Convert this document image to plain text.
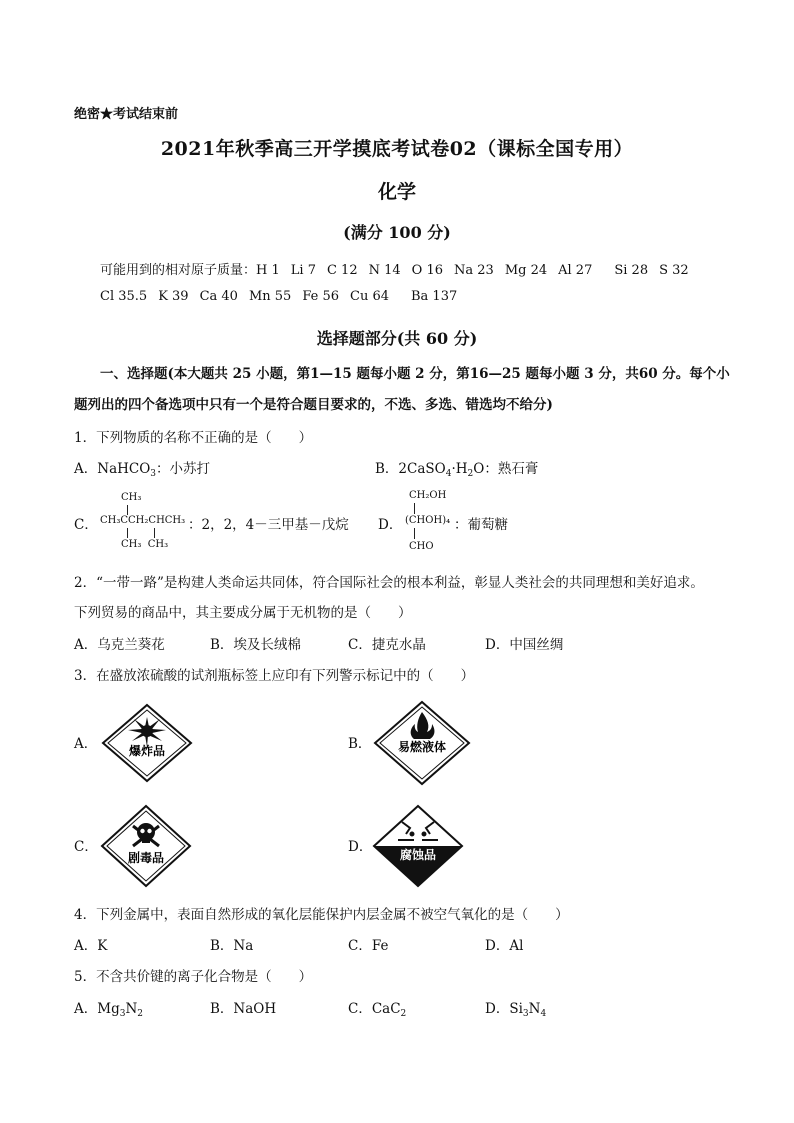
绝密★考试结束前
2021年秋季高三开学摸底考试卷02（课标全国专用）
化学
(满分 100 分)
可能用到的相对原子质量：H 1 Li 7 C 12 N 14 O 16 Na 23 Mg 24 Al 27 Si 28 S 32
Cl 35.5 K 39 Ca 40 Mn 55 Fe 56 Cu 64 Ba 137
选择题部分(共 60 分)
一、选择题(本大题共 25 小题，第1—15 题每小题 2 分，第16—25 题每小题 3 分，共60 分。每个小
题列出的四个备选项中只有一个是符合题目要求的，不选、多选、错选均不给分)
1．下列物质的名称不正确的是（　　）
A．NaHCO$_3$：小苏打	B．$2CaSO_4\cdot H_2O$：熟石膏
C．
CH₃
CH₃CCH₂CHCH₃
CH₃  CH₃
：2，2，4－三甲基－戊烷 D．
CH₂OH
(CHOH)₄
CHO
：葡萄糖
2．“一带一路”是构建人类命运共同体，符合国际社会的根本利益，彰显人类社会的共同理想和美好追求。
下列贸易的商品中，其主要成分属于无机物的是（　　）
A．乌克兰葵花	B．埃及长绒棉	C．捷克水晶	D．中国丝绸
3．在盛放浓硫酸的试剂瓶标签上应印有下列警示标记中的（　　）
A．	爆炸品	B． 易燃液体
C．
剧毒品
D． 腐蚀品
4．下列金属中，表面自然形成的氧化层能保护内层金属不被空气氧化的是（　　）
A．K	B．Na	C．Fe	D．Al
5．不含共价键的离子化合物是（　　）
A．$Mg_3N_2$	B．NaOH	C．CaC$_2$	D．$Si_3N_4$
